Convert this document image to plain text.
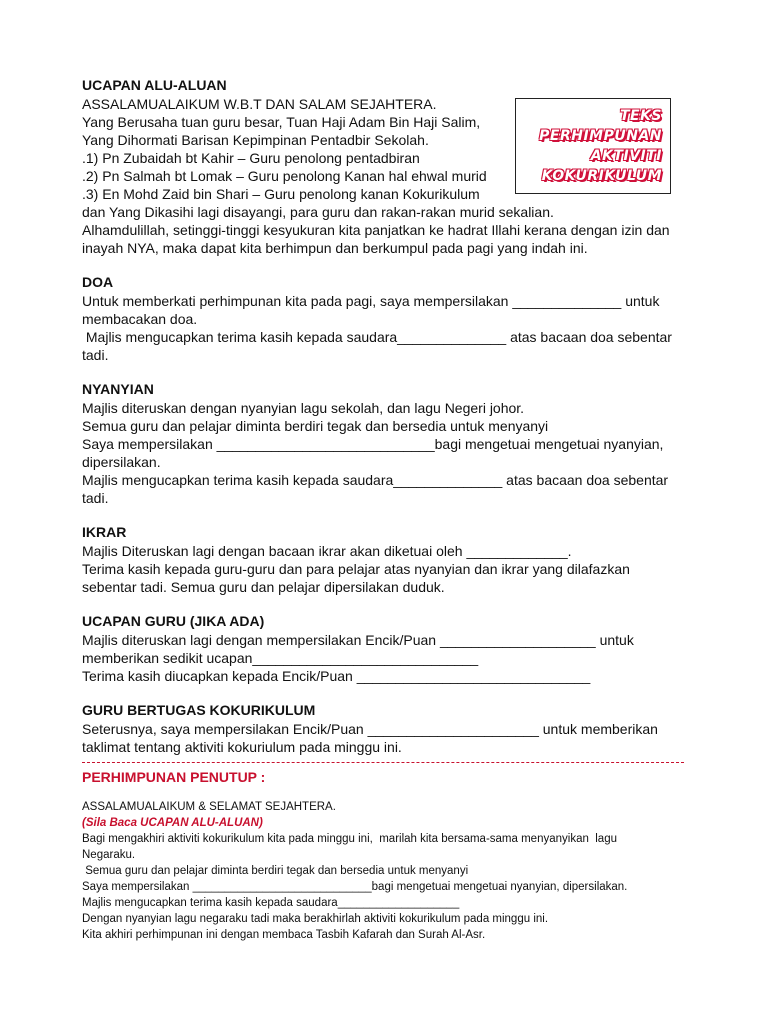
TEKS
PERHIMPUNAN
AKTIVITI
KOKURIKULUM
UCAPAN ALU-ALUAN
ASSALAMUALAIKUM W.B.T DAN SALAM SEJAHTERA.
Yang Berusaha tuan guru besar, Tuan Haji Adam Bin Haji Salim,
Yang Dihormati Barisan Kepimpinan Pentadbir Sekolah.
.1) Pn Zubaidah bt Kahir – Guru penolong pentadbiran
.2) Pn Salmah bt Lomak – Guru penolong Kanan hal ehwal murid
.3) En Mohd Zaid bin Shari – Guru penolong kanan Kokurikulum
dan Yang Dikasihi lagi disayangi, para guru dan rakan-rakan murid sekalian.
Alhamdulillah, setinggi-tinggi kesyukuran kita panjatkan ke hadrat Illahi kerana dengan izin dan
inayah NYA, maka dapat kita berhimpun dan berkumpul pada pagi yang indah ini.
DOA
Untuk memberkati perhimpunan kita pada pagi, saya mempersilakan ______________ untuk
membacakan doa.
Majlis mengucapkan terima kasih kepada saudara______________ atas bacaan doa sebentar
tadi.
NYANYIAN
Majlis diteruskan dengan nyanyian lagu sekolah, dan lagu Negeri johor.
Semua guru dan pelajar diminta berdiri tegak dan bersedia untuk menyanyi
Saya mempersilakan ____________________________bagi mengetuai mengetuai nyanyian,
dipersilakan.
Majlis mengucapkan terima kasih kepada saudara______________ atas bacaan doa sebentar
tadi.
IKRAR
Majlis Diteruskan lagi dengan bacaan ikrar akan diketuai oleh _____________.
Terima kasih kepada guru-guru dan para pelajar atas nyanyian dan ikrar yang dilafazkan
sebentar tadi. Semua guru dan pelajar dipersilakan duduk.
UCAPAN GURU (JIKA ADA)
Majlis diteruskan lagi dengan mempersilakan Encik/Puan ____________________ untuk
memberikan sedikit ucapan_____________________________
Terima kasih diucapkan kepada Encik/Puan ______________________________
GURU BERTUGAS KOKURIKULUM
Seterusnya, saya mempersilakan Encik/Puan ______________________ untuk memberikan
taklimat tentang aktiviti kokuriulum pada minggu ini.
PERHIMPUNAN PENUTUP :
ASSALAMUALAIKUM & SELAMAT SEJAHTERA.
(Sila Baca UCAPAN ALU-ALUAN)
Bagi mengakhiri aktiviti kokurikulum kita pada minggu ini,  marilah kita bersama-sama menyanyikan  lagu
Negaraku.
Semua guru dan pelajar diminta berdiri tegak dan bersedia untuk menyanyi
Saya mempersilakan ____________________________bagi mengetuai mengetuai nyanyian, dipersilakan.
Majlis mengucapkan terima kasih kepada saudara___________________
Dengan nyanyian lagu negaraku tadi maka berakhirlah aktiviti kokurikulum pada minggu ini.
Kita akhiri perhimpunan ini dengan membaca Tasbih Kafarah dan Surah Al-Asr.
